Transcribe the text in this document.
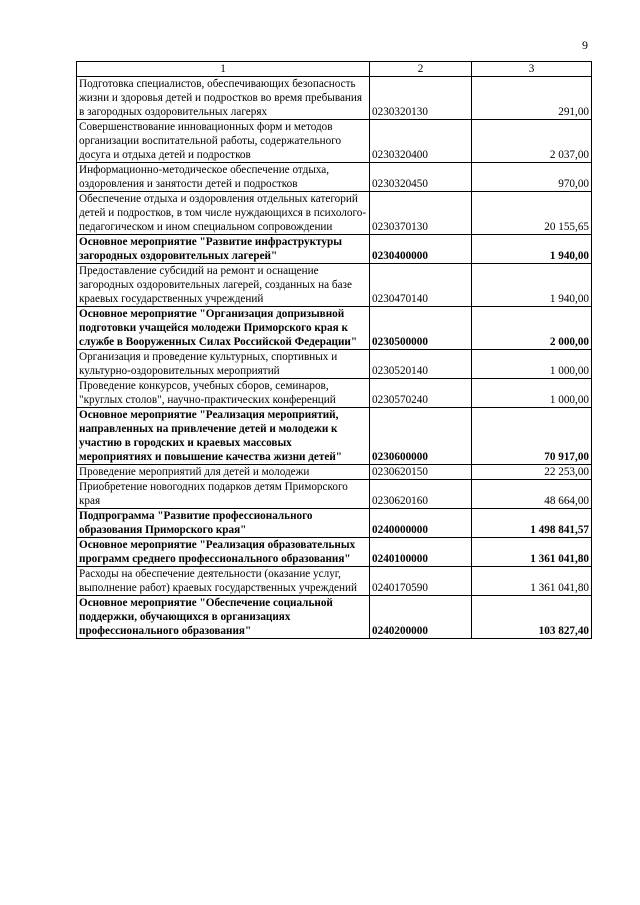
9
1	2	3
Подготовка специалистов, обеспечивающих безопасность жизни и здоровья детей и подростков во время пребывания в загородных оздоровительных лагерях	0230320130	291,00
Совершенствование инновационных форм и методов организации воспитательной работы, содержательного досуга и отдыха детей и подростков	0230320400	2 037,00
Информационно-методическое обеспечение отдыха, оздоровления и занятости детей и подростков	0230320450	970,00
Обеспечение отдыха и оздоровления отдельных категорий детей и подростков, в том числе нуждающихся в психолого-педагогическом и ином специальном сопровождении	0230370130	20 155,65
Основное мероприятие "Развитие инфраструктуры загородных оздоровительных лагерей"	0230400000	1 940,00
Предоставление субсидий на ремонт и оснащение загородных оздоровительных лагерей, созданных на базе краевых государственных учреждений	0230470140	1 940,00
Основное мероприятие "Организация допризывной подготовки учащейся молодежи Приморского края к службе в Вооруженных Силах Российской Федерации"	0230500000	2 000,00
Организация и проведение культурных, спортивных и культурно-оздоровительных мероприятий	0230520140	1 000,00
Проведение конкурсов, учебных сборов, семинаров, "круглых столов", научно-практических конференций	0230570240	1 000,00
Основное мероприятие "Реализация мероприятий, направленных на привлечение детей и молодежи к участию в городских и краевых массовых мероприятиях и повышение качества жизни детей"	0230600000	70 917,00
Проведение мероприятий для детей и молодежи	0230620150	22 253,00
Приобретение новогодних подарков детям Приморского края	0230620160	48 664,00
Подпрограмма "Развитие профессионального образования Приморского края"	0240000000	1 498 841,57
Основное мероприятие "Реализация образовательных программ среднего профессионального образования"	0240100000	1 361 041,80
Расходы на обеспечение деятельности (оказание услуг, выполнение работ) краевых государственных учреждений	0240170590	1 361 041,80
Основное мероприятие "Обеспечение социальной поддержки, обучающихся в организациях профессионального образования"	0240200000	103 827,40
